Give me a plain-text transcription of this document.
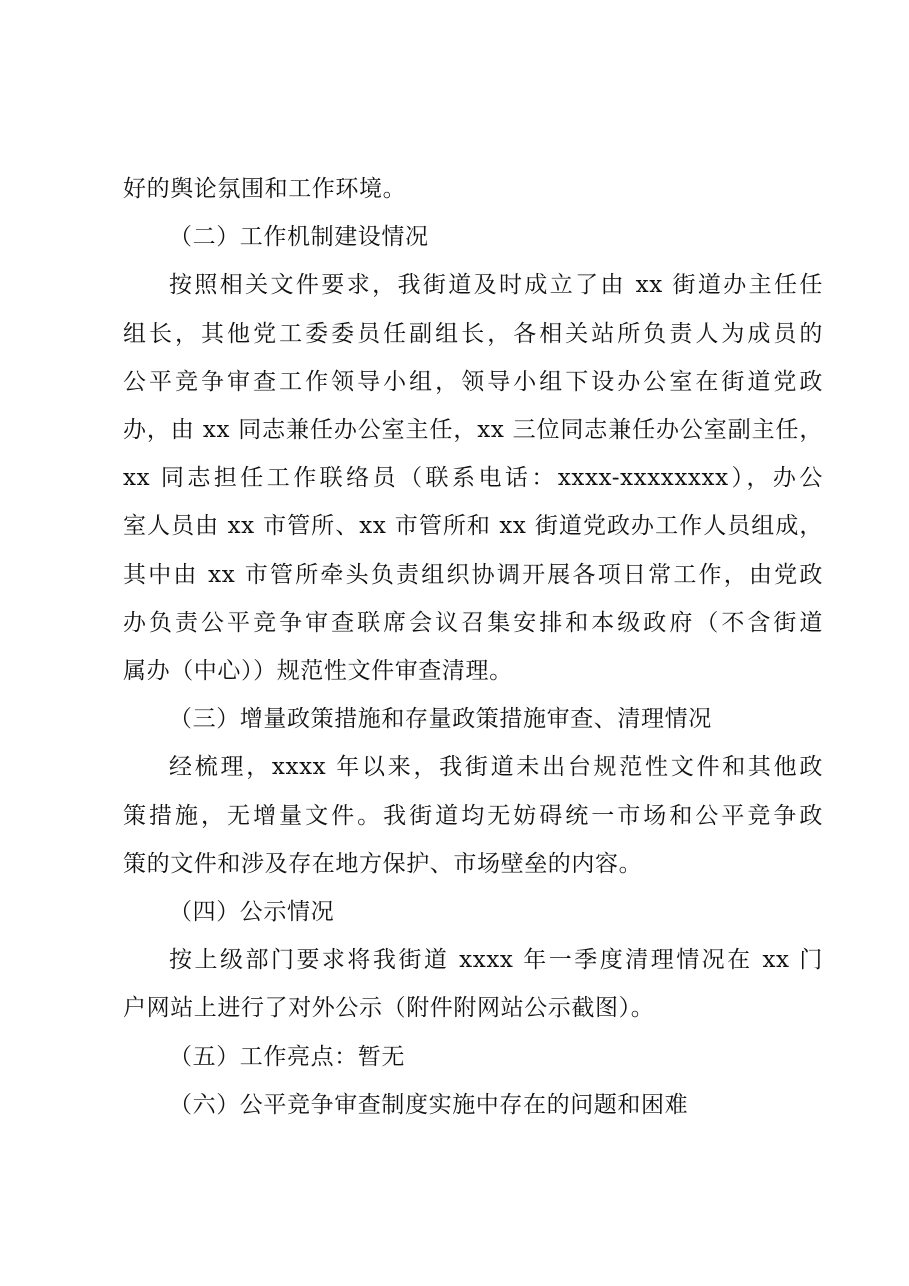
好的舆论氛围和工作环境。
（二）工作机制建设情况
按照相关文件要求，我街道及时成立了由 xx 街道办主任任
组长，其他党工委委员任副组长，各相关站所负责人为成员的
公平竞争审查工作领导小组，领导小组下设办公室在街道党政
办，由 xx 同志兼任办公室主任，xx 三位同志兼任办公室副主任，
xx 同志担任工作联络员（联系电话：xxxx-xxxxxxxx），办公
室人员由 xx 市管所、xx 市管所和 xx 街道党政办工作人员组成，
其中由 xx 市管所牵头负责组织协调开展各项日常工作，由党政
办负责公平竞争审查联席会议召集安排和本级政府（不含街道
属办（中心））规范性文件审查清理。
（三）增量政策措施和存量政策措施审查、清理情况
经梳理，xxxx 年以来，我街道未出台规范性文件和其他政
策措施，无增量文件。我街道均无妨碍统一市场和公平竞争政
策的文件和涉及存在地方保护、市场壁垒的内容。
（四）公示情况
按上级部门要求将我街道 xxxx 年一季度清理情况在 xx 门
户网站上进行了对外公示（附件附网站公示截图）。
（五）工作亮点：暂无
（六）公平竞争审查制度实施中存在的问题和困难
